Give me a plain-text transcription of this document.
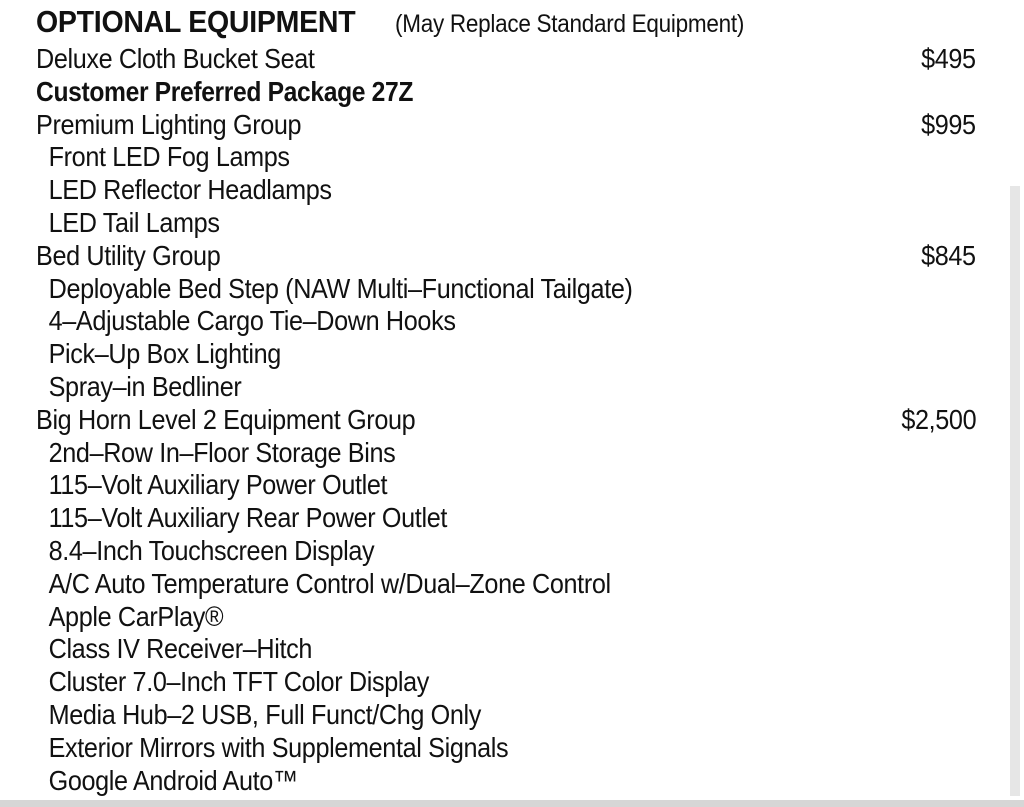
OPTIONAL EQUIPMENT (May Replace Standard Equipment)
Deluxe Cloth Bucket Seat	$495
Customer Preferred Package 27Z
Premium Lighting Group	$995
Front LED Fog Lamps
LED Reflector Headlamps
LED Tail Lamps
Bed Utility Group	$845
Deployable Bed Step (NAW Multi–Functional Tailgate)
4–Adjustable Cargo Tie–Down Hooks
Pick–Up Box Lighting
Spray–in Bedliner
Big Horn Level 2 Equipment Group	$2,500
2nd–Row In–Floor Storage Bins
115–Volt Auxiliary Power Outlet
115–Volt Auxiliary Rear Power Outlet
8.4–Inch Touchscreen Display
A/C Auto Temperature Control w/Dual–Zone Control
Apple CarPlay®
Class IV Receiver–Hitch
Cluster 7.0–Inch TFT Color Display
Media Hub–2 USB, Full Funct/Chg Only
Exterior Mirrors with Supplemental Signals
Google Android Auto™
